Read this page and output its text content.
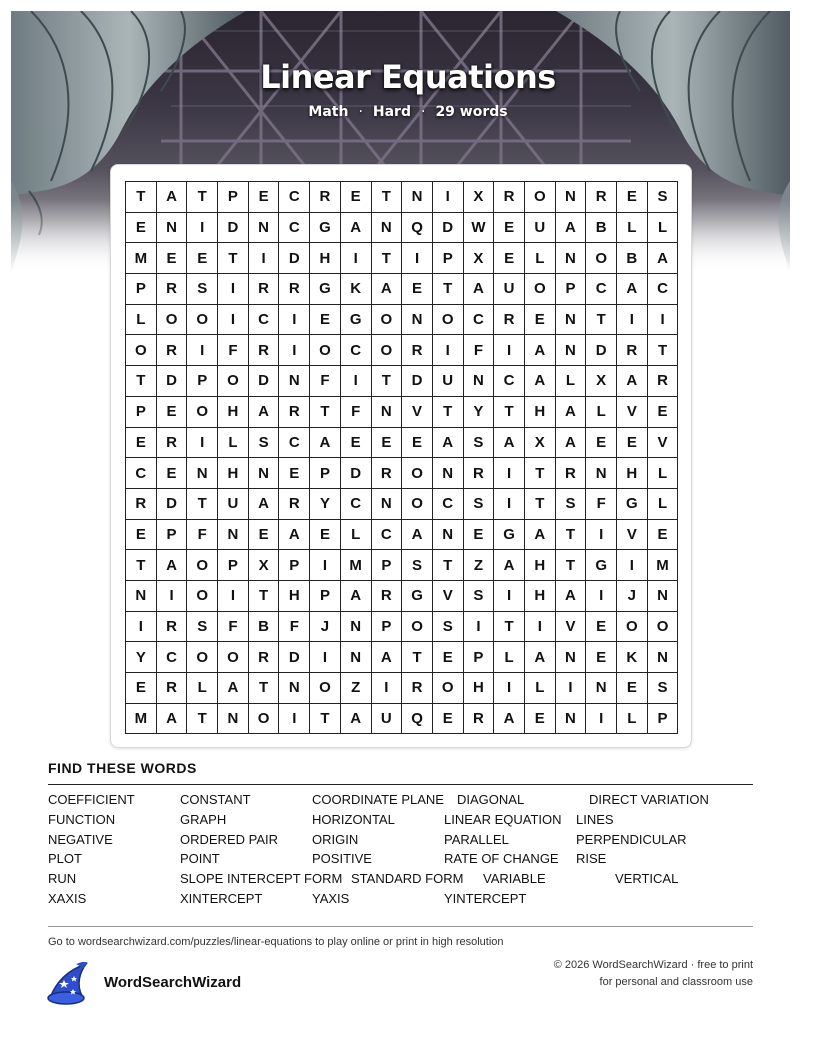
Linear Equations
Math · Hard · 29 words
T	A	T	P	E	C	R	E	T	N	I	X	R	O	N	R	E	S
E	N	I	D	N	C	G	A	N	Q	D	W	E	U	A	B	L	L
M	E	E	T	I	D	H	I	T	I	P	X	E	L	N	O	B	A
P	R	S	I	R	R	G	K	A	E	T	A	U	O	P	C	A	C
L	O	O	I	C	I	E	G	O	N	O	C	R	E	N	T	I	I
O	R	I	F	R	I	O	C	O	R	I	F	I	A	N	D	R	T
T	D	P	O	D	N	F	I	T	D	U	N	C	A	L	X	A	R
P	E	O	H	A	R	T	F	N	V	T	Y	T	H	A	L	V	E
E	R	I	L	S	C	A	E	E	E	A	S	A	X	A	E	E	V
C	E	N	H	N	E	P	D	R	O	N	R	I	T	R	N	H	L
R	D	T	U	A	R	Y	C	N	O	C	S	I	T	S	F	G	L
E	P	F	N	E	A	E	L	C	A	N	E	G	A	T	I	V	E
T	A	O	P	X	P	I	M	P	S	T	Z	A	H	T	G	I	M
N	I	O	I	T	H	P	A	R	G	V	S	I	H	A	I	J	N
I	R	S	F	B	F	J	N	P	O	S	I	T	I	V	E	O	O
Y	C	O	O	R	D	I	N	A	T	E	P	L	A	N	E	K	N
E	R	L	A	T	N	O	Z	I	R	O	H	I	L	I	N	E	S
M	A	T	N	O	I	T	A	U	Q	E	R	A	E	N	I	L	P
FIND THESE WORDS
COEFFICIENT	CONSTANT	COORDINATE PLANE DIAGONAL	DIRECT VARIATION
FUNCTION	GRAPH	HORIZONTAL	LINEAR EQUATION LINES
NEGATIVE	ORDERED PAIR	ORIGIN	PARALLEL	PERPENDICULAR
PLOT	POINT	POSITIVE	RATE OF CHANGE RISE
RUN	SLOPE INTERCEPT FORM STANDARD FORM VARIABLE	VERTICAL
XAXIS	XINTERCEPT	YAXIS	YINTERCEPT
Go to wordsearchwizard.com/puzzles/linear-equations to play online or print in high resolution
WordSearchWizard
© 2026 WordSearchWizard · free to print for personal and classroom use
